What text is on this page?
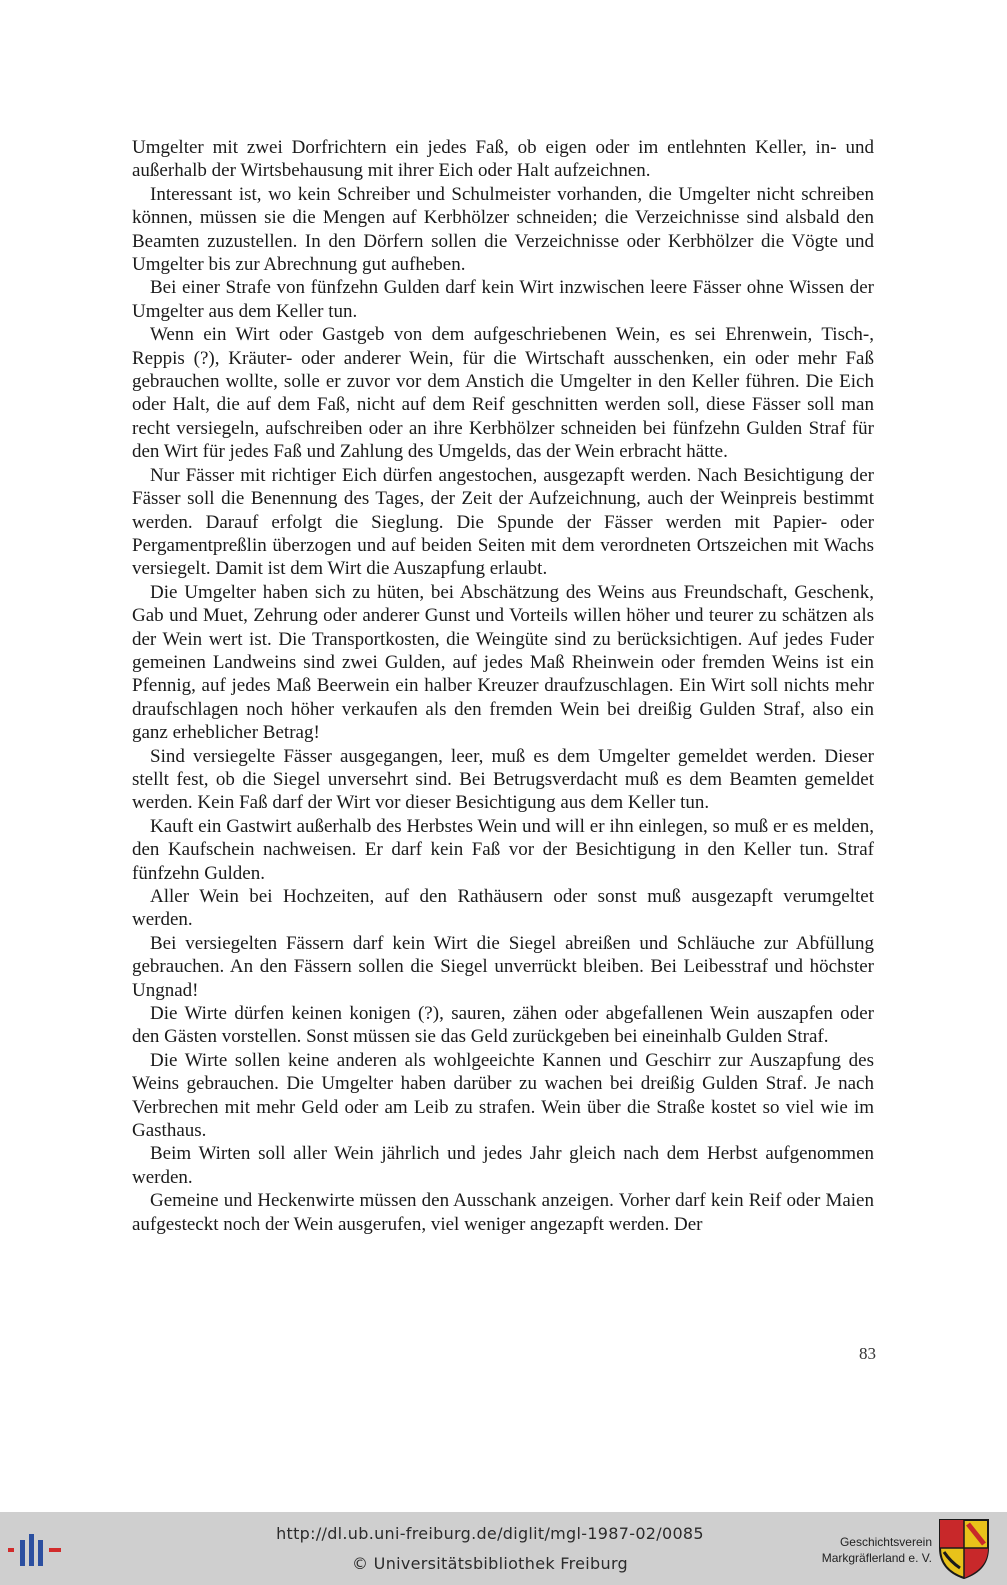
Umgelter mit zwei Dorfrichtern ein jedes Faß, ob eigen oder im entlehnten Keller, in- und außerhalb der Wirtsbehausung mit ihrer Eich oder Halt aufzeichnen.

Interessant ist, wo kein Schreiber und Schulmeister vorhanden, die Umgelter nicht schreiben können, müssen sie die Mengen auf Kerbhölzer schneiden; die Verzeichnisse sind alsbald den Beamten zuzustellen. In den Dörfern sollen die Verzeichnisse oder Kerbhölzer die Vögte und Umgelter bis zur Abrechnung gut aufheben.

Bei einer Strafe von fünfzehn Gulden darf kein Wirt inzwischen leere Fässer ohne Wissen der Umgelter aus dem Keller tun.

Wenn ein Wirt oder Gastgeb von dem aufgeschriebenen Wein, es sei Ehrenwein, Tisch-, Reppis (?), Kräuter- oder anderer Wein, für die Wirtschaft ausschenken, ein oder mehr Faß gebrauchen wollte, solle er zuvor vor dem Anstich die Umgelter in den Keller führen. Die Eich oder Halt, die auf dem Faß, nicht auf dem Reif geschnitten werden soll, diese Fässer soll man recht versiegeln, aufschreiben oder an ihre Kerbhölzer schneiden bei fünfzehn Gulden Straf für den Wirt für jedes Faß und Zahlung des Umgelds, das der Wein erbracht hätte.

Nur Fässer mit richtiger Eich dürfen angestochen, ausgezapft werden. Nach Besichtigung der Fässer soll die Benennung des Tages, der Zeit der Aufzeichnung, auch der Weinpreis bestimmt werden. Darauf erfolgt die Sieglung. Die Spunde der Fässer werden mit Papier- oder Pergamentpreßlin überzogen und auf beiden Seiten mit dem verordneten Ortszeichen mit Wachs versiegelt. Damit ist dem Wirt die Auszapfung erlaubt.

Die Umgelter haben sich zu hüten, bei Abschätzung des Weins aus Freundschaft, Geschenk, Gab und Muet, Zehrung oder anderer Gunst und Vorteils willen höher und teurer zu schätzen als der Wein wert ist. Die Transportkosten, die Weingüte sind zu berücksichtigen. Auf jedes Fuder gemeinen Landweins sind zwei Gulden, auf jedes Maß Rheinwein oder fremden Weins ist ein Pfennig, auf jedes Maß Beerwein ein halber Kreuzer draufzuschlagen. Ein Wirt soll nichts mehr draufschlagen noch höher verkaufen als den fremden Wein bei dreißig Gulden Straf, also ein ganz erheblicher Betrag!

Sind versiegelte Fässer ausgegangen, leer, muß es dem Umgelter gemeldet werden. Dieser stellt fest, ob die Siegel unversehrt sind. Bei Betrugsverdacht muß es dem Beamten gemeldet werden. Kein Faß darf der Wirt vor dieser Besichtigung aus dem Keller tun.

Kauft ein Gastwirt außerhalb des Herbstes Wein und will er ihn einlegen, so muß er es melden, den Kaufschein nachweisen. Er darf kein Faß vor der Besichtigung in den Keller tun. Straf fünfzehn Gulden.

Aller Wein bei Hochzeiten, auf den Rathäusern oder sonst muß ausgezapft verumgeltet werden.

Bei versiegelten Fässern darf kein Wirt die Siegel abreißen und Schläuche zur Abfüllung gebrauchen. An den Fässern sollen die Siegel unverrückt bleiben. Bei Leibesstraf und höchster Ungnad!

Die Wirte dürfen keinen konigen (?), sauren, zähen oder abgefallenen Wein auszapfen oder den Gästen vorstellen. Sonst müssen sie das Geld zurückgeben bei eineinhalb Gulden Straf.

Die Wirte sollen keine anderen als wohlgeeichte Kannen und Geschirr zur Auszapfung des Weins gebrauchen. Die Umgelter haben darüber zu wachen bei dreißig Gulden Straf. Je nach Verbrechen mit mehr Geld oder am Leib zu strafen. Wein über die Straße kostet so viel wie im Gasthaus.

Beim Wirten soll aller Wein jährlich und jedes Jahr gleich nach dem Herbst aufgenommen werden.

Gemeine und Heckenwirte müssen den Ausschank anzeigen. Vorher darf kein Reif oder Maien aufgesteckt noch der Wein ausgerufen, viel weniger angezapft werden. Der

83
http://dl.ub.uni-freiburg.de/diglit/mgl-1987-02/0085
© Universitätsbibliothek Freiburg
Geschichtsverein
Markgräflerland e. V.
